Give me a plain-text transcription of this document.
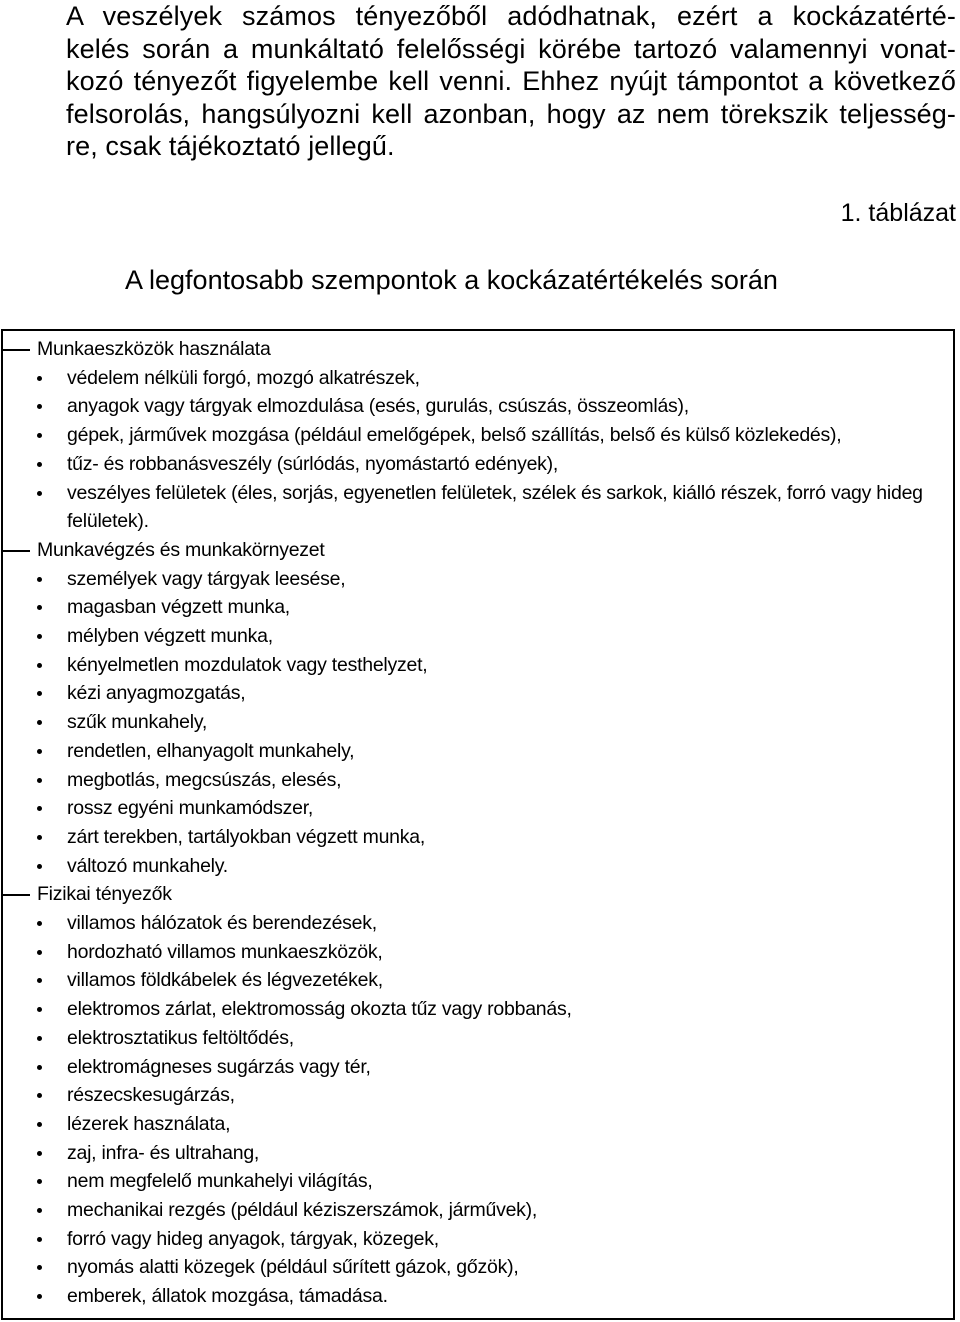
A veszélyek számos tényezőből adódhatnak, ezért a kockázatérté-
kelés során a munkáltató felelősségi körébe tartozó valamennyi vonat-
kozó tényezőt figyelembe kell venni. Ehhez nyújt támpontot a következő
felsorolás, hangsúlyozni kell azonban, hogy az nem törekszik teljesség-
re, csak tájékoztató jellegű.

1. táblázat

A legfontosabb szempontok a kockázatértékelés során
Munkaeszközök használata
védelem nélküli forgó, mozgó alkatrészek,
anyagok vagy tárgyak elmozdulása (esés, gurulás, csúszás, összeomlás),
gépek, járművek mozgása (például emelőgépek, belső szállítás, belső és külső közlekedés),
tűz- és robbanásveszély (súrlódás, nyomástartó edények),
veszélyes felületek (éles, sorjás, egyenetlen felületek, szélek és sarkok, kiálló részek, forró vagy hideg felületek).
Munkavégzés és munkakörnyezet
személyek vagy tárgyak leesése,
magasban végzett munka,
mélyben végzett munka,
kényelmetlen mozdulatok vagy testhelyzet,
kézi anyagmozgatás,
szűk munkahely,
rendetlen, elhanyagolt munkahely,
megbotlás, megcsúszás, elesés,
rossz egyéni munkamódszer,
zárt terekben, tartályokban végzett munka,
változó munkahely.
Fizikai tényezők
villamos hálózatok és berendezések,
hordozható villamos munkaeszközök,
villamos földkábelek és légvezetékek,
elektromos zárlat, elektromosság okozta tűz vagy robbanás,
elektrosztatikus feltöltődés,
elektromágneses sugárzás vagy tér,
részecskesugárzás,
lézerek használata,
zaj, infra- és ultrahang,
nem megfelelő munkahelyi világítás,
mechanikai rezgés (például kéziszerszámok, járművek),
forró vagy hideg anyagok, tárgyak, közegek,
nyomás alatti közegek (például sűrített gázok, gőzök),
emberek, állatok mozgása, támadása.
